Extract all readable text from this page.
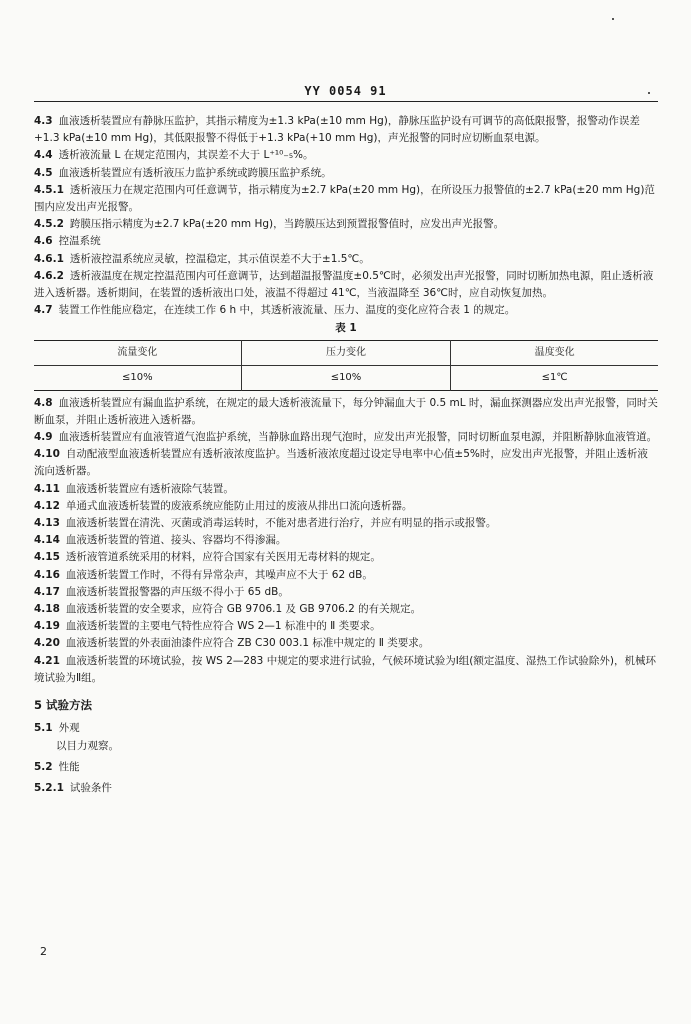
YY 0054 91
4.3 血液透析装置应有静脉压监护，其指示精度为±1.3 kPa(±10 mm Hg)，静脉压监护设有可调节的高低限报警，报警动作误差+1.3 kPa(±10 mm Hg)，其低限报警不得低于+1.3 kPa(+10 mm Hg)，声光报警的同时应切断血泵电源。
4.4 透析液流量 L 在规定范围内，其误差不大于 L⁺¹⁰₋₅%。
4.5 血液透析装置应有透析液压力监护系统或跨膜压监护系统。
4.5.1 透析液压力在规定范围内可任意调节，指示精度为±2.7 kPa(±20 mm Hg)，在所设压力报警值的±2.7 kPa(±20 mm Hg)范围内应发出声光报警。
4.5.2 跨膜压指示精度为±2.7 kPa(±20 mm Hg)，当跨膜压达到预置报警值时，应发出声光报警。
4.6 控温系统
4.6.1 透析液控温系统应灵敏，控温稳定，其示值误差不大于±1.5℃。
4.6.2 透析液温度在规定控温范围内可任意调节，达到超温报警温度±0.5℃时，必须发出声光报警，同时切断加热电源，阻止透析液进入透析器。透析期间，在装置的透析液出口处，液温不得超过 41℃，当液温降至 36℃时，应自动恢复加热。
4.7 装置工作性能应稳定，在连续工作 6 h 中，其透析液流量、压力、温度的变化应符合表 1 的规定。
表 1
流量变化	压力变化	温度变化
≤10%	≤10%	≤1℃
4.8 血液透析装置应有漏血监护系统，在规定的最大透析液流量下，每分钟漏血大于 0.5 mL 时，漏血探测器应发出声光报警，同时关断血泵，并阻止透析液进入透析器。
4.9 血液透析装置应有血液管道气泡监护系统，当静脉血路出现气泡时，应发出声光报警，同时切断血泵电源，并阻断静脉血液管道。
4.10 自动配液型血液透析装置应有透析液浓度监护。当透析液浓度超过设定导电率中心值±5%时，应发出声光报警，并阻止透析液流向透析器。
4.11 血液透析装置应有透析液除气装置。
4.12 单通式血液透析装置的废液系统应能防止用过的废液从排出口流向透析器。
4.13 血液透析装置在清洗、灭菌或消毒运转时，不能对患者进行治疗，并应有明显的指示或报警。
4.14 血液透析装置的管道、接头、容器均不得渗漏。
4.15 透析液管道系统采用的材料，应符合国家有关医用无毒材料的规定。
4.16 血液透析装置工作时，不得有异常杂声，其噪声应不大于 62 dB。
4.17 血液透析装置报警器的声压级不得小于 65 dB。
4.18 血液透析装置的安全要求，应符合 GB 9706.1 及 GB 9706.2 的有关规定。
4.19 血液透析装置的主要电气特性应符合 WS 2—1 标准中的 Ⅱ 类要求。
4.20 血液透析装置的外表面油漆件应符合 ZB C30 003.1 标准中规定的 Ⅱ 类要求。
4.21 血液透析装置的环境试验，按 WS 2—283 中规定的要求进行试验，气候环境试验为Ⅰ组(额定温度、湿热工作试验除外)，机械环境试验为Ⅱ组。
5 试验方法
5.1 外观
以目力观察。
5.2 性能
5.2.1 试验条件
2
